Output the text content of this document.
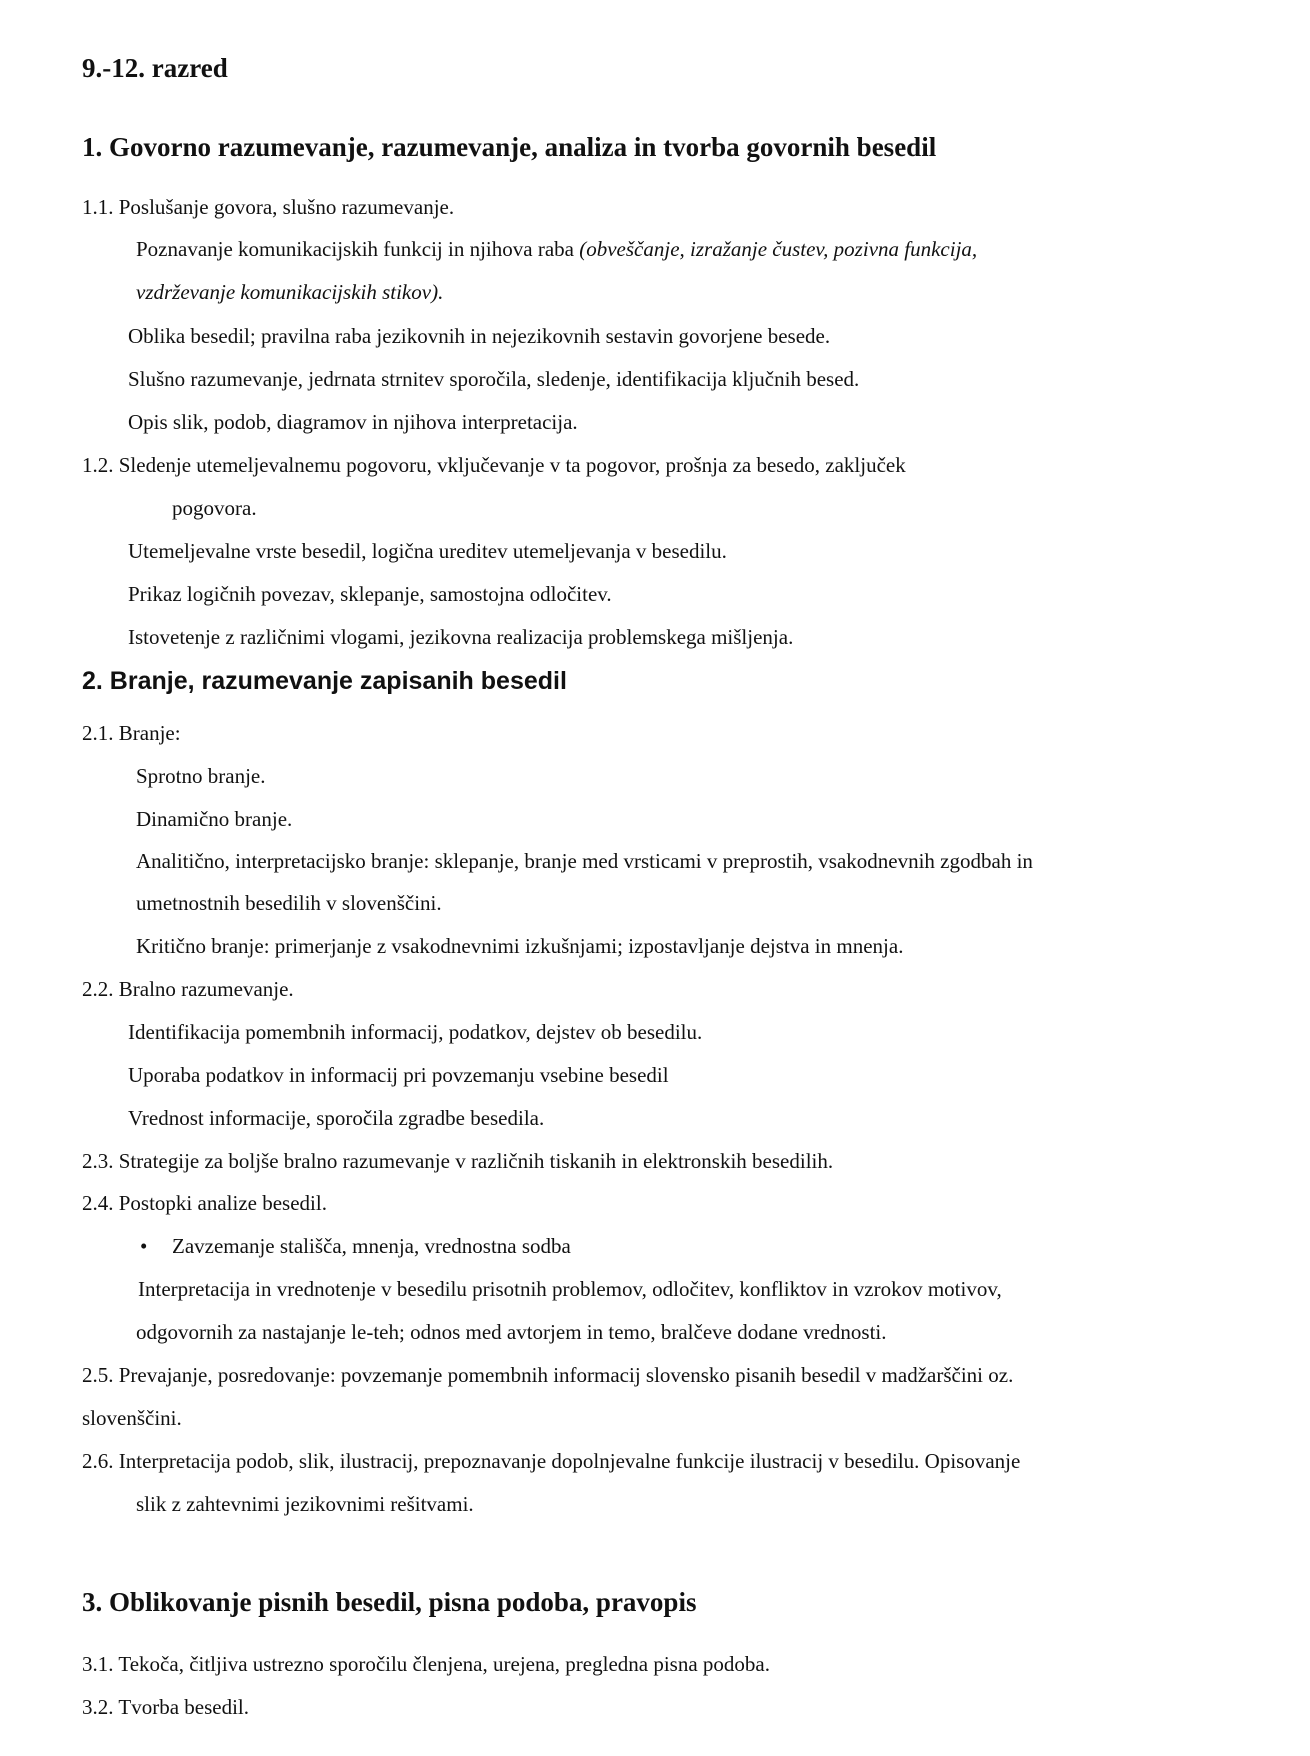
9.-12. razred
1. Govorno razumevanje, razumevanje, analiza in tvorba govornih besedil
1.1. Poslušanje govora, slušno razumevanje.
Poznavanje komunikacijskih funkcij in njihova raba (obveščanje, izražanje čustev, pozivna funkcija,
vzdrževanje komunikacijskih stikov).
Oblika besedil; pravilna raba jezikovnih in nejezikovnih sestavin govorjene besede.
Slušno razumevanje, jedrnata strnitev sporočila, sledenje, identifikacija ključnih besed.
Opis slik, podob, diagramov in njihova interpretacija.
1.2. Sledenje utemeljevalnemu pogovoru, vključevanje v ta pogovor, prošnja za besedo, zaključek
pogovora.
Utemeljevalne vrste besedil, logična ureditev utemeljevanja v besedilu.
Prikaz logičnih povezav, sklepanje, samostojna odločitev.
Istovetenje z različnimi vlogami, jezikovna realizacija problemskega mišljenja.
2. Branje, razumevanje zapisanih besedil
2.1. Branje:
Sprotno branje.
Dinamično branje.
Analitično, interpretacijsko branje: sklepanje, branje med vrsticami v preprostih, vsakodnevnih zgodbah in
umetnostnih besedilih v slovenščini.
Kritično branje: primerjanje z vsakodnevnimi izkušnjami; izpostavljanje dejstva in mnenja.
2.2. Bralno razumevanje.
Identifikacija pomembnih informacij, podatkov, dejstev ob besedilu.
Uporaba podatkov in informacij pri povzemanju vsebine besedil
Vrednost informacije, sporočila zgradbe besedila.
2.3. Strategije za boljše bralno razumevanje v različnih tiskanih in elektronskih besedilih.
2.4. Postopki analize besedil.
• Zavzemanje stališča, mnenja, vrednostna sodba
Interpretacija in vrednotenje v besedilu prisotnih problemov, odločitev, konfliktov in vzrokov motivov,
odgovornih za nastajanje le-teh; odnos med avtorjem in temo, bralčeve dodane vrednosti.
2.5. Prevajanje, posredovanje: povzemanje pomembnih informacij slovensko pisanih besedil v madžarščini oz.
slovenščini.
2.6. Interpretacija podob, slik, ilustracij, prepoznavanje dopolnjevalne funkcije ilustracij v besedilu. Opisovanje
slik z zahtevnimi jezikovnimi rešitvami.
3. Oblikovanje pisnih besedil, pisna podoba, pravopis
3.1. Tekoča, čitljiva ustrezno sporočilu členjena, urejena, pregledna pisna podoba.
3.2. Tvorba besedil.
